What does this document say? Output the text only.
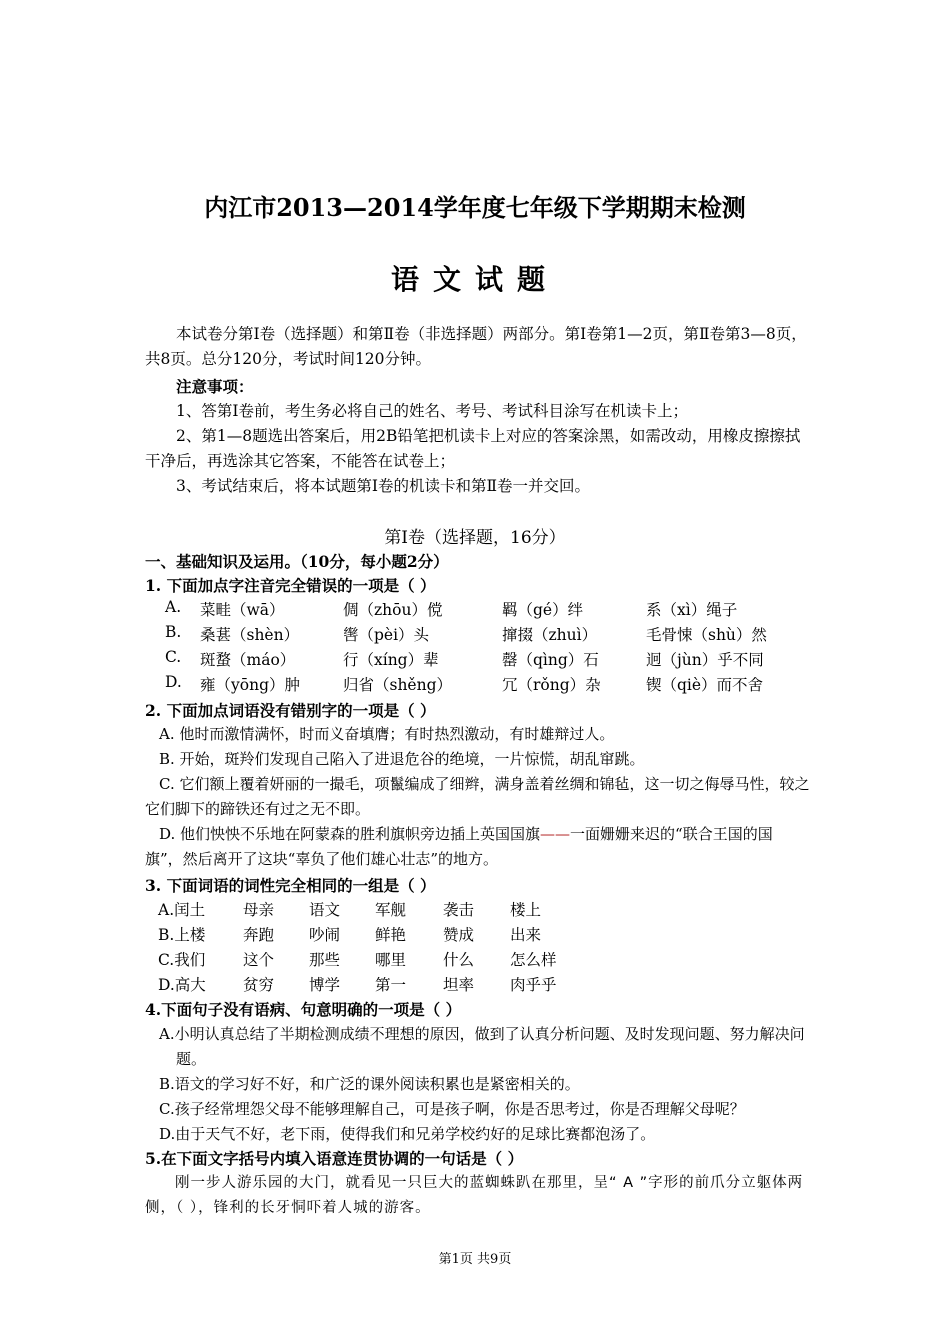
内江市2013—2014学年度七年级下学期期末检测
语文试题
本试卷分第Ⅰ卷（选择题）和第Ⅱ卷（非选择题）两部分。第Ⅰ卷第1—2页，第Ⅱ卷第3—8页，共8页。总分120分，考试时间120分钟。
注意事项：
1、答第Ⅰ卷前，考生务必将自己的姓名、考号、考试科目涂写在机读卡上；
2、第1—8题选出答案后，用2B铅笔把机读卡上对应的答案涂黑，如需改动，用橡皮擦擦拭干净后，再选涂其它答案，不能答在试卷上；
3、考试结束后，将本试题第Ⅰ卷的机读卡和第Ⅱ卷一并交回。
第Ⅰ卷（选择题，16分）
一、基础知识及运用。（10分，每小题2分）
1. 下面加点字注音完全错误的一项是（ ）
A. 菜畦（wā）	倜（zhōu）傥	羁（gé）绊	系（xì）绳子
B. 桑葚（shèn）	辔（pèi）头	撺掇（zhuì）	毛骨悚（shù）然
C. 斑蝥（máo）	行（xíng）辈	罄（qìng）石	迥（jùn）乎不同
D. 雍（yōng）肿	归省（shěng）	冗（rǒng）杂	锲（qiè）而不舍
2. 下面加点词语没有错别字的一项是（ ）
A. 他时而激情满怀，时而义奋填膺；有时热烈激动，有时雄辩过人。
B. 开始，斑羚们发现自己陷入了进退危谷的绝境，一片惊慌，胡乱窜跳。
C. 它们额上覆着妍丽的一撮毛，项鬣编成了细辫，满身盖着丝绸和锦毡，这一切之侮辱马性，较之它们脚下的蹄铁还有过之无不即。
D. 他们怏怏不乐地在阿蒙森的胜利旗帜旁边插上英国国旗——一面姗姗来迟的“联合王国的国旗”，然后离开了这块“辜负了他们雄心壮志”的地方。
3. 下面词语的词性完全相同的一组是（ ）
A.闰土 母亲 语文 军舰 袭击 楼上
B.上楼 奔跑 吵闹 鲜艳 赞成 出来
C.我们 这个 那些 哪里 什么 怎么样
D.高大 贫穷 博学 第一 坦率 肉乎乎
4.下面句子没有语病、句意明确的一项是（ ）
A.小明认真总结了半期检测成绩不理想的原因，做到了认真分析问题、及时发现问题、努力解决问题。
B.语文的学习好不好，和广泛的课外阅读积累也是紧密相关的。
C.孩子经常埋怨父母不能够理解自己，可是孩子啊，你是否思考过，你是否理解父母呢？
D.由于天气不好，老下雨，使得我们和兄弟学校约好的足球比赛都泡汤了。
5.在下面文字括号内填入语意连贯协调的一句话是（ ）
刚一步人游乐园的大门，就看见一只巨大的蓝蜘蛛趴在那里，呈“ A ”字形的前爪分立躯体两侧，（ ），锋利的长牙恫吓着人城的游客。
第1页 共9页
